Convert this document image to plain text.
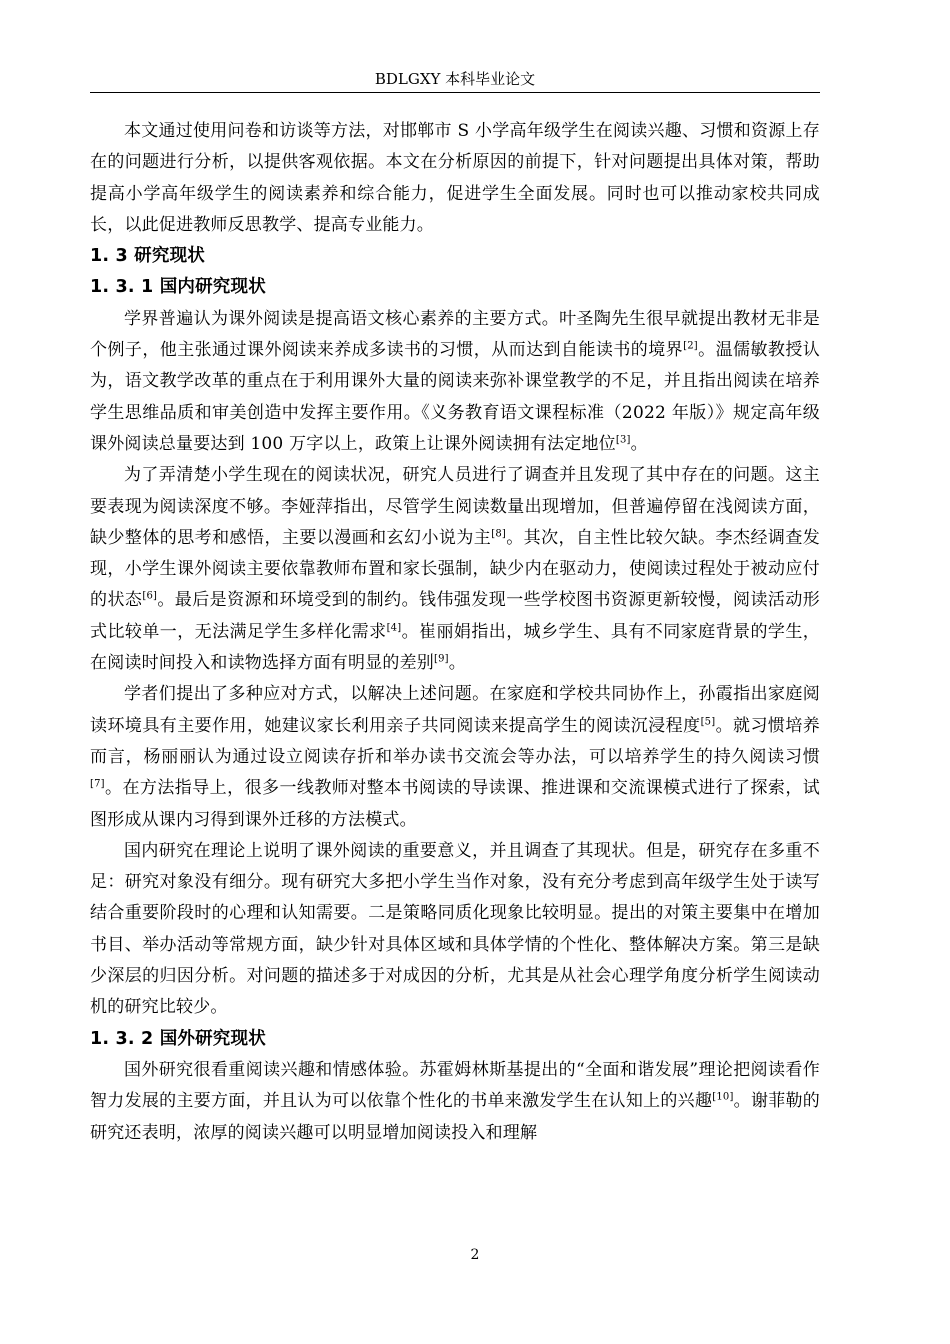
BDLGXY 本科毕业论文

本文通过使用问卷和访谈等方法，对邯郸市 S 小学高年级学生在阅读兴趣、习惯和资源上存在的问题进行分析，以提供客观依据。本文在分析原因的前提下，针对问题提出具体对策，帮助提高小学高年级学生的阅读素养和综合能力，促进学生全面发展。同时也可以推动家校共同成长，以此促进教师反思教学、提高专业能力。

1. 3 研究现状
1. 3. 1 国内研究现状

学界普遍认为课外阅读是提高语文核心素养的主要方式。叶圣陶先生很早就提出教材无非是个例子，他主张通过课外阅读来养成多读书的习惯，从而达到自能读书的境界[2]。温儒敏教授认为，语文教学改革的重点在于利用课外大量的阅读来弥补课堂教学的不足，并且指出阅读在培养学生思维品质和审美创造中发挥主要作用。《义务教育语文课程标准（2022 年版）》规定高年级课外阅读总量要达到 100 万字以上，政策上让课外阅读拥有法定地位[3]。

为了弄清楚小学生现在的阅读状况，研究人员进行了调查并且发现了其中存在的问题。这主要表现为阅读深度不够。李娅萍指出，尽管学生阅读数量出现增加，但普遍停留在浅阅读方面，缺少整体的思考和感悟，主要以漫画和玄幻小说为主[8]。其次，自主性比较欠缺。李杰经调查发现，小学生课外阅读主要依靠教师布置和家长强制，缺少内在驱动力，使阅读过程处于被动应付的状态[6]。最后是资源和环境受到的制约。钱伟强发现一些学校图书资源更新较慢，阅读活动形式比较单一，无法满足学生多样化需求[4]。崔丽娟指出，城乡学生、具有不同家庭背景的学生，在阅读时间投入和读物选择方面有明显的差别[9]。

学者们提出了多种应对方式，以解决上述问题。在家庭和学校共同协作上，孙霞指出家庭阅读环境具有主要作用，她建议家长利用亲子共同阅读来提高学生的阅读沉浸程度[5]。就习惯培养而言，杨丽丽认为通过设立阅读存折和举办读书交流会等办法，可以培养学生的持久阅读习惯[7]。在方法指导上，很多一线教师对整本书阅读的导读课、推进课和交流课模式进行了探索，试图形成从课内习得到课外迁移的方法模式。

国内研究在理论上说明了课外阅读的重要意义，并且调查了其现状。但是，研究存在多重不足：研究对象没有细分。现有研究大多把小学生当作对象，没有充分考虑到高年级学生处于读写结合重要阶段时的心理和认知需要。二是策略同质化现象比较明显。提出的对策主要集中在增加书目、举办活动等常规方面，缺少针对具体区域和具体学情的个性化、整体解决方案。第三是缺少深层的归因分析。对问题的描述多于对成因的分析，尤其是从社会心理学角度分析学生阅读动机的研究比较少。

1. 3. 2 国外研究现状

国外研究很看重阅读兴趣和情感体验。苏霍姆林斯基提出的“全面和谐发展”理论把阅读看作智力发展的主要方面，并且认为可以依靠个性化的书单来激发学生在认知上的兴趣[10]。谢菲勒的研究还表明，浓厚的阅读兴趣可以明显增加阅读投入和理解

2
